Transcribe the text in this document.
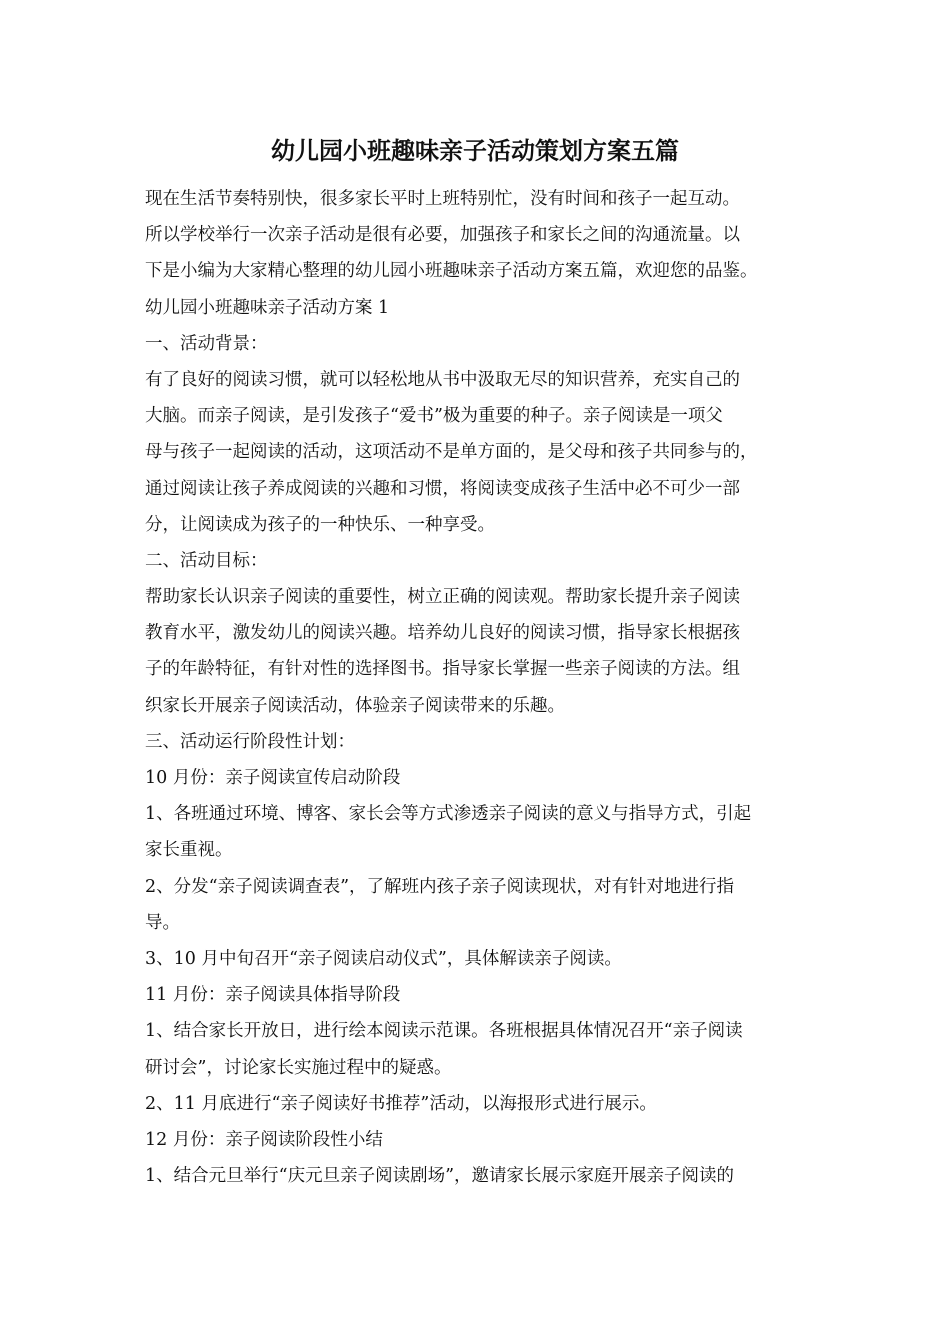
幼儿园小班趣味亲子活动策划方案五篇
现在生活节奏特别快，很多家长平时上班特别忙，没有时间和孩子一起互动。
所以学校举行一次亲子活动是很有必要，加强孩子和家长之间的沟通流量。以
下是小编为大家精心整理的幼儿园小班趣味亲子活动方案五篇，欢迎您的品鉴。
幼儿园小班趣味亲子活动方案 1
一、活动背景：
有了良好的阅读习惯，就可以轻松地从书中汲取无尽的知识营养，充实自己的
大脑。而亲子阅读，是引发孩子“爱书”极为重要的种子。亲子阅读是一项父
母与孩子一起阅读的活动，这项活动不是单方面的，是父母和孩子共同参与的，
通过阅读让孩子养成阅读的兴趣和习惯，将阅读变成孩子生活中必不可少一部
分，让阅读成为孩子的一种快乐、一种享受。
二、活动目标：
帮助家长认识亲子阅读的重要性，树立正确的阅读观。帮助家长提升亲子阅读
教育水平，激发幼儿的阅读兴趣。培养幼儿良好的阅读习惯，指导家长根据孩
子的年龄特征，有针对性的选择图书。指导家长掌握一些亲子阅读的方法。组
织家长开展亲子阅读活动，体验亲子阅读带来的乐趣。
三、活动运行阶段性计划：
10 月份：亲子阅读宣传启动阶段
1、各班通过环境、博客、家长会等方式渗透亲子阅读的意义与指导方式，引起
家长重视。
2、分发“亲子阅读调查表”，了解班内孩子亲子阅读现状，对有针对地进行指
导。
3、10 月中旬召开“亲子阅读启动仪式”，具体解读亲子阅读。
11 月份：亲子阅读具体指导阶段
1、结合家长开放日，进行绘本阅读示范课。各班根据具体情况召开“亲子阅读
研讨会”，讨论家长实施过程中的疑惑。
2、11 月底进行“亲子阅读好书推荐”活动，以海报形式进行展示。
12 月份：亲子阅读阶段性小结
1、结合元旦举行“庆元旦亲子阅读剧场”，邀请家长展示家庭开展亲子阅读的
